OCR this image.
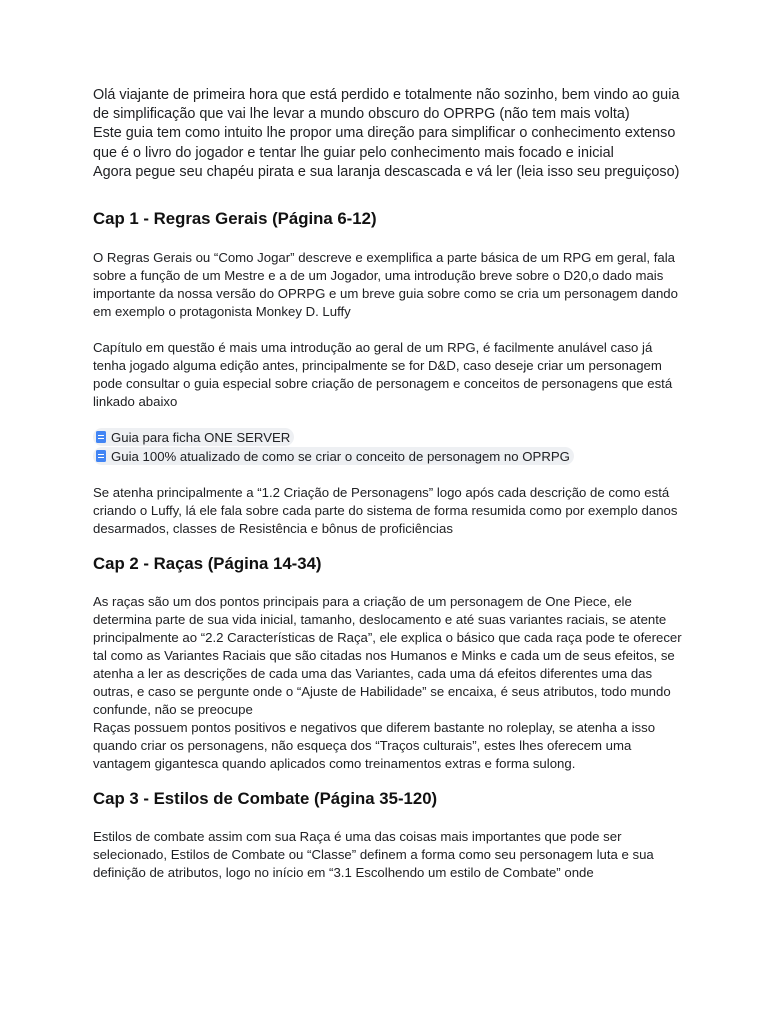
Olá viajante de primeira hora que está perdido e totalmente não sozinho, bem vindo ao guia de simplificação que vai lhe levar a mundo obscuro do OPRPG (não tem mais volta)

Este guia tem como intuito lhe propor uma direção para simplificar o conhecimento extenso que é o livro do jogador e tentar lhe guiar pelo conhecimento mais focado e inicial

Agora pegue seu chapéu pirata e sua laranja descascada e vá ler (leia isso seu preguiçoso)

Cap 1 - Regras Gerais (Página 6-12)

O Regras Gerais ou “Como Jogar” descreve e exemplifica a parte básica de um RPG em geral, fala sobre a função de um Mestre e a de um Jogador, uma introdução breve sobre o D20,o dado mais importante da nossa versão do OPRPG e um breve guia sobre como se cria um personagem dando em exemplo o protagonista Monkey D. Luffy

Capítulo em questão é mais uma introdução ao geral de um RPG, é facilmente anulável caso já tenha jogado alguma edição antes, principalmente se for D&D, caso deseje criar um personagem pode consultar o guia especial sobre criação de personagem e conceitos de personagens que está linkado abaixo

Guia para ficha ONE SERVER
Guia 100% atualizado de como se criar o conceito de personagem no OPRPG

Se atenha principalmente a “1.2 Criação de Personagens” logo após cada descrição de como está criando o Luffy, lá ele fala sobre cada parte do sistema de forma resumida como por exemplo danos desarmados, classes de Resistência e bônus de proficiências

Cap 2 - Raças (Página 14-34)

As raças são um dos pontos principais para a criação de um personagem de One Piece, ele determina parte de sua vida inicial, tamanho, deslocamento e até suas variantes raciais, se atente principalmente ao “2.2 Características de Raça”, ele explica o básico que cada raça pode te oferecer tal como as Variantes Raciais que são citadas nos Humanos e Minks e cada um de seus efeitos, se atenha a ler as descrições de cada uma das Variantes, cada uma dá efeitos diferentes uma das outras, e caso se pergunte onde o “Ajuste de Habilidade” se encaixa, é seus atributos, todo mundo confunde, não se preocupe

Raças possuem pontos positivos e negativos que diferem bastante no roleplay, se atenha a isso quando criar os personagens, não esqueça dos “Traços culturais”, estes lhes oferecem uma vantagem gigantesca quando aplicados como treinamentos extras e forma sulong.

Cap 3 - Estilos de Combate (Página 35-120)

Estilos de combate assim com sua Raça é uma das coisas mais importantes que pode ser selecionado, Estilos de Combate ou “Classe” definem a forma como seu personagem luta e sua definição de atributos, logo no início em “3.1 Escolhendo um estilo de Combate” onde
